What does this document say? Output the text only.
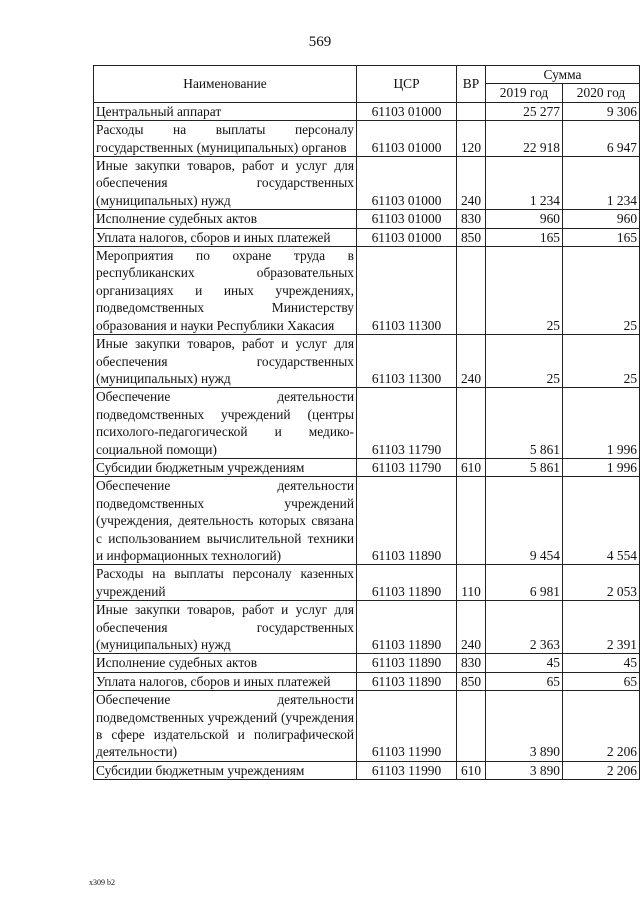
569
Наименование	ЦСР	ВР	Сумма	
			2019 год	2020 год
Центральный аппарат	61103 01000		25 277	9 306
Расходы на выплаты персоналу государственных (муниципальных) органов	61103 01000	120	22 918	6 947
Иные закупки товаров, работ и услуг для обеспечения государственных (муниципальных) нужд	61103 01000	240	1 234	1 234
Исполнение судебных актов	61103 01000	830	960	960
Уплата налогов, сборов и иных платежей	61103 01000	850	165	165
Мероприятия по охране труда в республиканских образовательных организациях и иных учреждениях, подведомственных Министерству образования и науки Республики Хакасия	61103 11300		25	25
Иные закупки товаров, работ и услуг для обеспечения государственных (муниципальных) нужд	61103 11300	240	25	25
Обеспечение деятельности подведомственных учреждений (центры психолого-педагогической и медико-социальной помощи)	61103 11790		5 861	1 996
Субсидии бюджетным учреждениям	61103 11790	610	5 861	1 996
Обеспечение деятельности подведомственных учреждений (учреждения, деятельность которых связана с использованием вычислительной техники и информационных технологий)	61103 11890		9 454	4 554
Расходы на выплаты персоналу казенных учреждений	61103 11890	110	6 981	2 053
Иные закупки товаров, работ и услуг для обеспечения государственных (муниципальных) нужд	61103 11890	240	2 363	2 391
Исполнение судебных актов	61103 11890	830	45	45
Уплата налогов, сборов и иных платежей	61103 11890	850	65	65
Обеспечение деятельности подведомственных учреждений (учреждения в сфере издательской и полиграфической деятельности)	61103 11990		3 890	2 206
Субсидии бюджетным учреждениям	61103 11990	610	3 890	2 206
x309 b2
